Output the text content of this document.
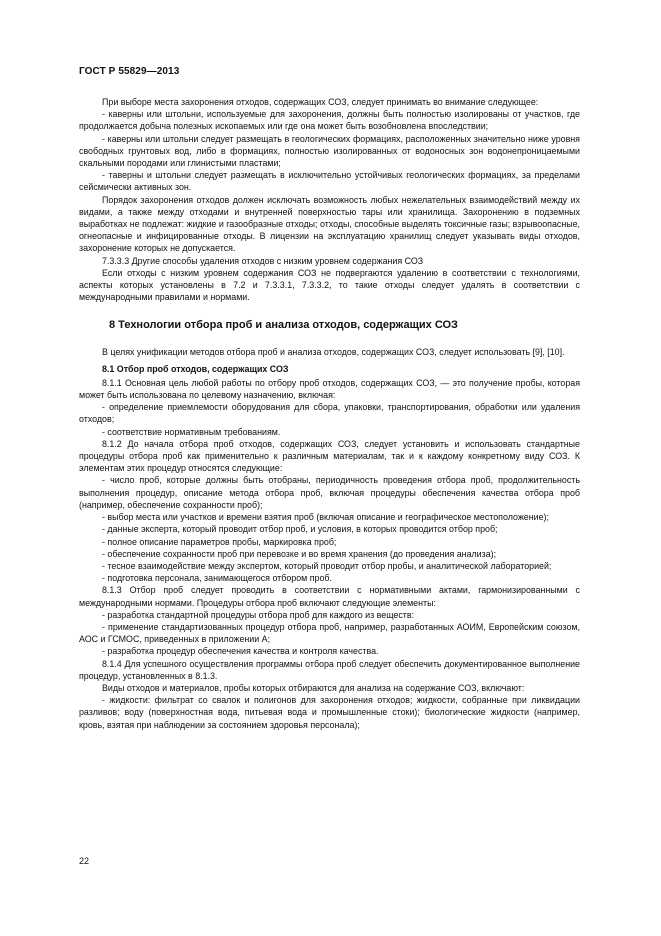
ГОСТ Р 55829—2013

При выборе места захоронения отходов, содержащих СОЗ, следует принимать во внимание следующее:

- каверны или штольни, используемые для захоронения, должны быть полностью изолированы от участков, где продолжается добыча полезных ископаемых или где она может быть возобновлена впоследствии;

- каверны или штольни следует размещать в геологических формациях, расположенных значительно ниже уровня свободных грунтовых вод, либо в формациях, полностью изолированных от водоносных зон водонепроницаемыми скальными породами или глинистыми пластами;

- таверны и штольни следует размещать в исключительно устойчивых геологических формациях, за пределами сейсмически активных зон.

Порядок захоронения отходов должен исключать возможность любых нежелательных взаимодействий между их видами, а также между отходами и внутренней поверхностью тары или хранилища. Захоронению в подземных выработках не подлежат: жидкие и газообразные отходы; отходы, способные выделять токсичные газы; взрывоопасные, огнеопасные и инфицированные отходы. В лицензии на эксплуатацию хранилищ следует указывать виды отходов, захоронение которых не допускается.

7.3.3.3 Другие способы удаления отходов с низким уровнем содержания СОЗ

Если отходы с низким уровнем содержания СОЗ не подвергаются удалению в соответствии с технологиями, аспекты которых установлены в 7.2 и 7.3.3.1, 7.3.3.2, то такие отходы следует удалять в соответствии с международными правилами и нормами.

8 Технологии отбора проб и анализа отходов, содержащих СОЗ

В целях унификации методов отбора проб и анализа отходов, содержащих СОЗ, следует использовать [9], [10].

8.1 Отбор проб отходов, содержащих СОЗ

8.1.1 Основная цель любой работы по отбору проб отходов, содержащих СОЗ, — это получение пробы, которая может быть использована по целевому назначению, включая:

- определение приемлемости оборудования для сбора, упаковки, транспортирования, обработки или удаления отходов;

- соответствие нормативным требованиям.

8.1.2 До начала отбора проб отходов, содержащих СОЗ, следует установить и использовать стандартные процедуры отбора проб как применительно к различным материалам, так и к каждому конкретному виду СОЗ. К элементам этих процедур относятся следующие:

- число проб, которые должны быть отобраны, периодичность проведения отбора проб, продолжительность выполнения процедур, описание метода отбора проб, включая процедуры обеспечения качества отбора проб (например, обеспечение сохранности проб);

- выбор места или участков и времени взятия проб (включая описание и географическое местоположение);

- данные эксперта, который проводит отбор проб, и условия, в которых проводится отбор проб;

- полное описание параметров пробы, маркировка проб;

- обеспечение сохранности проб при перевозке и во время хранения (до проведения анализа);

- тесное взаимодействие между экспертом, который проводит отбор пробы, и аналитической лабораторией;

- подготовка персонала, занимающегося отбором проб.

8.1.3 Отбор проб следует проводить в соответствии с нормативными актами, гармонизированными с международными нормами. Процедуры отбора проб включают следующие элементы:

- разработка стандартной процедуры отбора проб для каждого из веществ:

- применение стандартизованных процедур отбора проб, например, разработанных АОИМ, Европейским союзом, АОС и ГСМОС, приведенных в приложении А;

- разработка процедур обеспечения качества и контроля качества.

8.1.4 Для успешного осуществления программы отбора проб следует обеспечить документированное выполнение процедур, установленных в 8.1.3.

Виды отходов и материалов, пробы которых отбираются для анализа на содержание СОЗ, включают:

- жидкости: фильтрат со свалок и полигонов для захоронения отходов; жидкости, собранные при ликвидации разливов; воду (поверхностная вода, питьевая вода и промышленные стоки); биологические жидкости (например, кровь, взятая при наблюдении за состоянием здоровья персонала);

22
